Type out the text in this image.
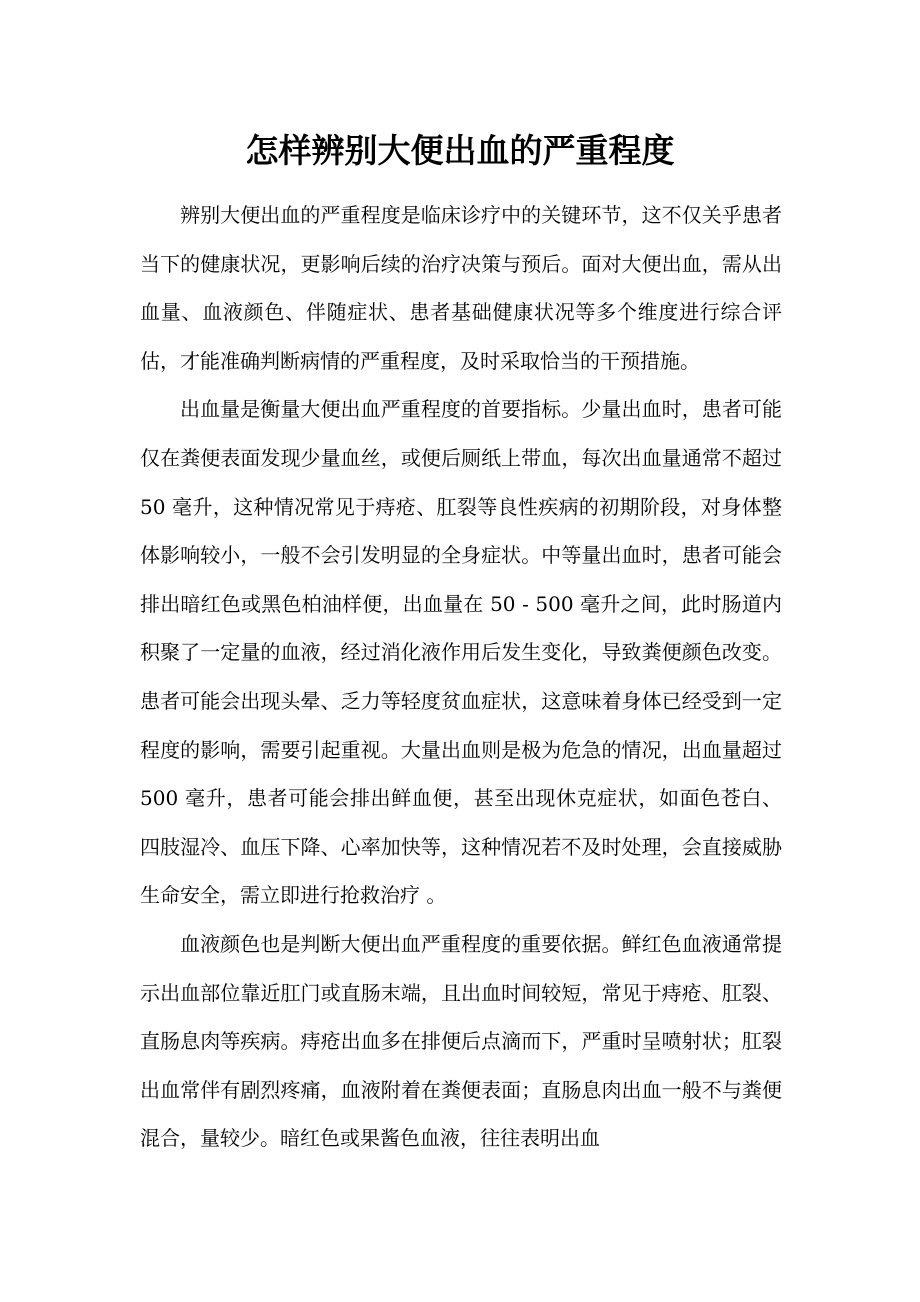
怎样辨别大便出血的严重程度

辨别大便出血的严重程度是临床诊疗中的关键环节，这不仅关乎患者当下的健康状况，更影响后续的治疗决策与预后。面对大便出血，需从出血量、血液颜色、伴随症状、患者基础健康状况等多个维度进行综合评估，才能准确判断病情的严重程度，及时采取恰当的干预措施。

出血量是衡量大便出血严重程度的首要指标。少量出血时，患者可能仅在粪便表面发现少量血丝，或便后厕纸上带血，每次出血量通常不超过 50 毫升，这种情况常见于痔疮、肛裂等良性疾病的初期阶段，对身体整体影响较小，一般不会引发明显的全身症状。中等量出血时，患者可能会排出暗红色或黑色柏油样便，出血量在 50 - 500 毫升之间，此时肠道内积聚了一定量的血液，经过消化液作用后发生变化，导致粪便颜色改变。患者可能会出现头晕、乏力等轻度贫血症状，这意味着身体已经受到一定程度的影响，需要引起重视。大量出血则是极为危急的情况，出血量超过 500 毫升，患者可能会排出鲜血便，甚至出现休克症状，如面色苍白、四肢湿冷、血压下降、心率加快等，这种情况若不及时处理，会直接威胁生命安全，需立即进行抢救治疗 。

血液颜色也是判断大便出血严重程度的重要依据。鲜红色血液通常提示出血部位靠近肛门或直肠末端，且出血时间较短，常见于痔疮、肛裂、直肠息肉等疾病。痔疮出血多在排便后点滴而下，严重时呈喷射状；肛裂出血常伴有剧烈疼痛，血液附着在粪便表面；直肠息肉出血一般不与粪便混合，量较少。暗红色或果酱色血液，往往表明出血
